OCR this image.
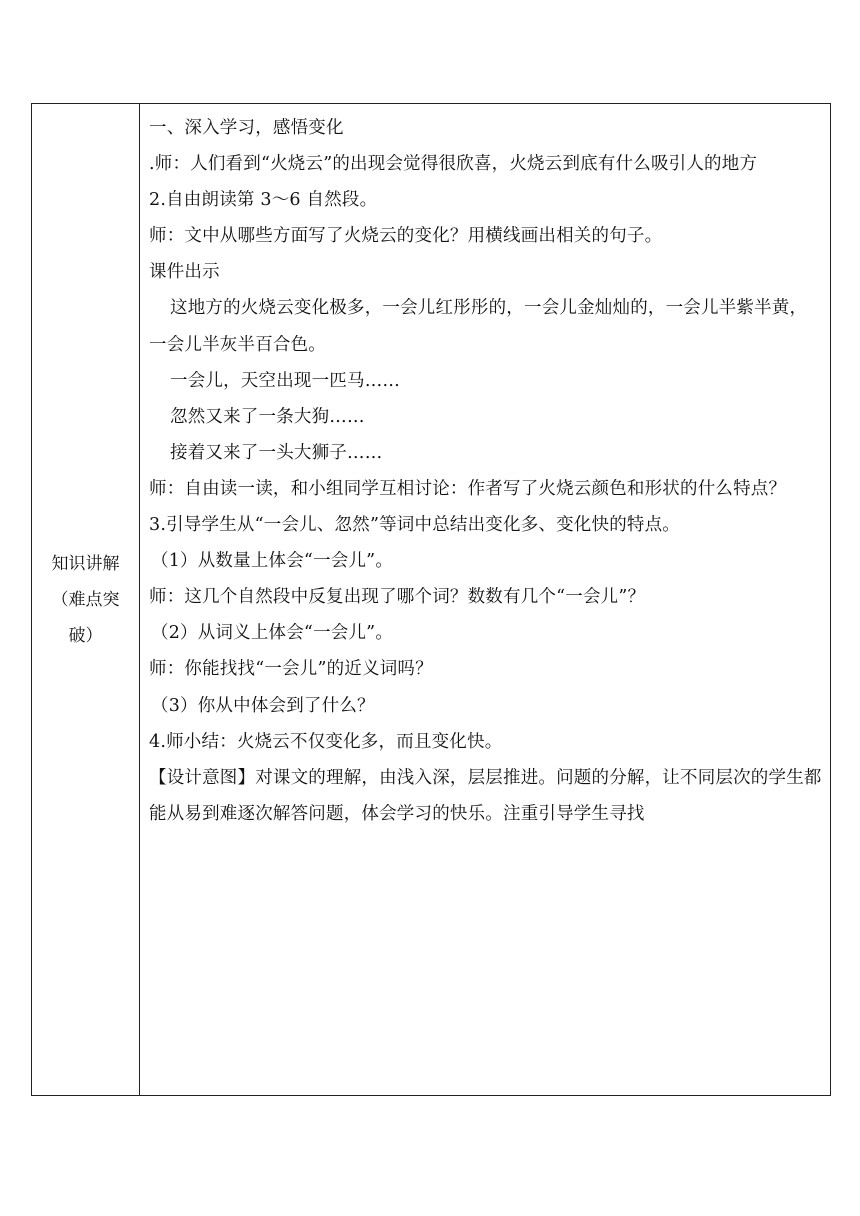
知识讲解
（难点突
破）

一、深入学习，感悟变化

.师：人们看到“火烧云”的出现会觉得很欣喜，火烧云到底有什么吸引人的地方

2.自由朗读第 3～6 自然段。

师：文中从哪些方面写了火烧云的变化？用横线画出相关的句子。

课件出示

这地方的火烧云变化极多，一会儿红彤彤的，一会儿金灿灿的，一会儿半紫半黄，一会儿半灰半百合色。

一会儿，天空出现一匹马……

忽然又来了一条大狗……

接着又来了一头大狮子……

师：自由读一读，和小组同学互相讨论：作者写了火烧云颜色和形状的什么特点？

3.引导学生从“一会儿、忽然”等词中总结出变化多、变化快的特点。

（1）从数量上体会“一会儿”。

师：这几个自然段中反复出现了哪个词？数数有几个“一会儿”？

（2）从词义上体会“一会儿”。

师：你能找找“一会儿”的近义词吗？

（3）你从中体会到了什么？

4.师小结：火烧云不仅变化多，而且变化快。

【设计意图】对课文的理解，由浅入深，层层推进。问题的分解，让不同层次的学生都能从易到难逐次解答问题，体会学习的快乐。注重引导学生寻找
